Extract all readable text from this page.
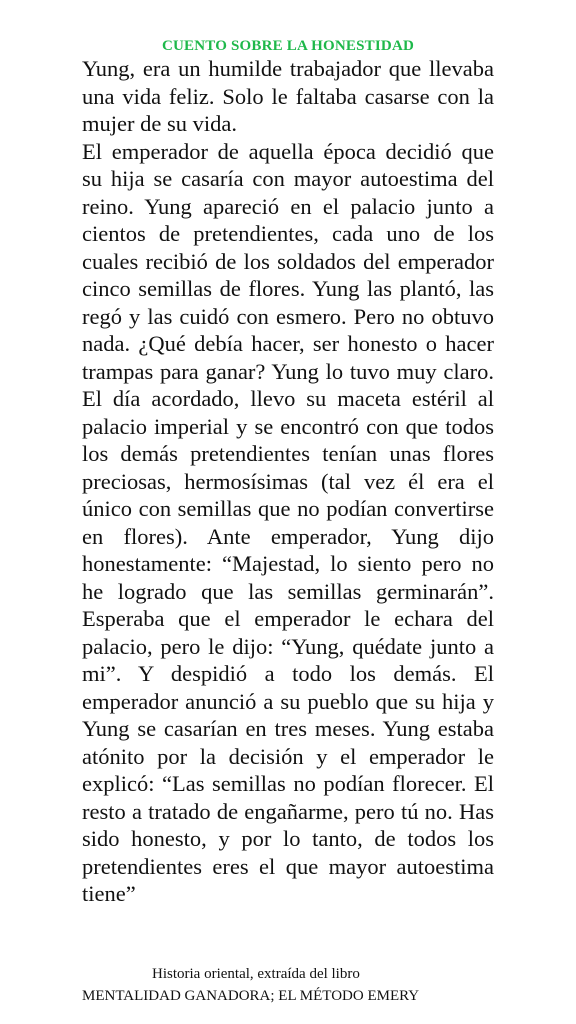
CUENTO SOBRE LA HONESTIDAD

Yung, era un humilde trabajador que llevaba una vida feliz. Solo le faltaba casarse con la mujer de su vida.

El emperador de aquella época decidió que su hija se casaría con mayor autoestima del reino. Yung apareció en el palacio junto a cientos de pretendientes, cada uno de los cuales recibió de los soldados del emperador cinco semillas de flores. Yung las plantó, las regó y las cuidó con esmero. Pero no obtuvo nada. ¿Qué debía hacer, ser honesto o hacer trampas para ganar? Yung lo tuvo muy claro. El día acordado, llevo su maceta estéril al palacio imperial y se encontró con que todos los demás pretendientes tenían unas flores preciosas, hermosísimas (tal vez él era el único con semillas que no podían convertirse en flores). Ante emperador, Yung dijo honestamente: “Majestad, lo siento pero no he logrado que las semillas germinarán”. Esperaba que el emperador le echara del palacio, pero le dijo: “Yung, quédate junto a mi”. Y despidió a todo los demás. El emperador anunció a su pueblo que su hija y Yung se casarían en tres meses. Yung estaba atónito por la decisión y el emperador le explicó: “Las semillas no podían florecer. El resto a tratado de engañarme, pero tú no. Has sido honesto, y por lo tanto, de todos los pretendientes eres el que mayor autoestima tiene”

Historia oriental, extraída del libro
MENTALIDAD GANADORA; EL MÉTODO EMERY
